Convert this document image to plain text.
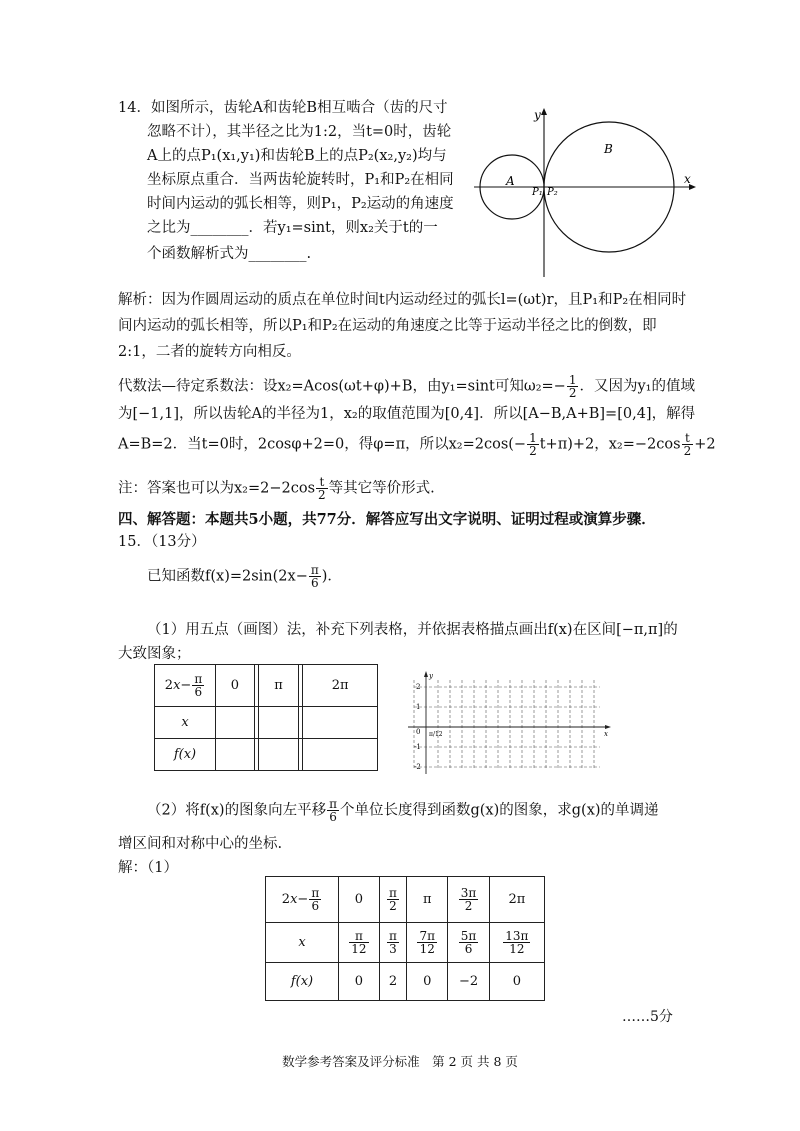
14．如图所示，齿轮A和齿轮B相互啮合（齿的尺寸
忽略不计），其半径之比为1:2，当t=0时，齿轮
A上的点P₁(x₁,y₁)和齿轮B上的点P₂(x₂,y₂)均与
坐标原点重合．当两齿轮旋转时，P₁和P₂在相同
时间内运动的弧长相等，则P₁，P₂运动的角速度
之比为________．若y₁=sint，则x₂关于t的一
个函数解析式为________.
y
x
A
B
P₁ P₂
解析：因为作圆周运动的质点在单位时间t内运动经过的弧长l=(ωt)r，且P₁和P₂在相同时
间内运动的弧长相等，所以P₁和P₂在运动的角速度之比等于运动半径之比的倒数，即
2:1，二者的旋转方向相反。
代数法—待定系数法：设x₂=Acos(ωt+φ)+B，由y₁=sint可知$\omega_2=- \frac{1}{2}$ ．又因为y₁的值域
为[−1,1]，所以齿轮A的半径为1，x₂的取值范围为[0,4]．所以[A−B,A+B]=[0,4]，解得
A=B=2．当t=0时，2cosφ+2=0，得φ=π，所以$x_2=2\cos(- \frac{1}{2} t+\pi)+2$，$x_2=-2\cos \frac{t}{2} +2$
注：答案也可以为$x_2=2-2\cos \frac{t}{2}$ 等其它等价形式.
四、解答题：本题共5小题，共77分．解答应写出文字说明、证明过程或演算步骤．
15．（13分）
已知函数$f(x)=2\sin(2x- \frac{\pi}{6}$ )．
（1）用五点（画图）法，补充下列表格，并依据表格描点画出f(x)在区间[−π,π]的
大致图象；
$2x- \frac{\pi}{6}$	0		π		2π
x					
f(x)					
y
x
2
1
0
-1
-2
π/12
（2）将f(x)的图象向左平移 $\frac{\pi}{6}$ 个单位长度得到函数g(x)的图象，求g(x)的单调递
增区间和对称中心的坐标.
解：（1）
$2x- \frac{\pi}{6}$	0	$\frac{\pi}{2}$	π	$\frac{3\pi}{2}$	2π
x	$\frac{\pi}{12}$	$\frac{\pi}{3}$	$\frac{7\pi}{12}$	$\frac{5\pi}{6}$	$\frac{13\pi}{12}$

f(x)	0	2	0	−2	0
……5分
数学参考答案及评分标准　第 2 页 共 8 页
